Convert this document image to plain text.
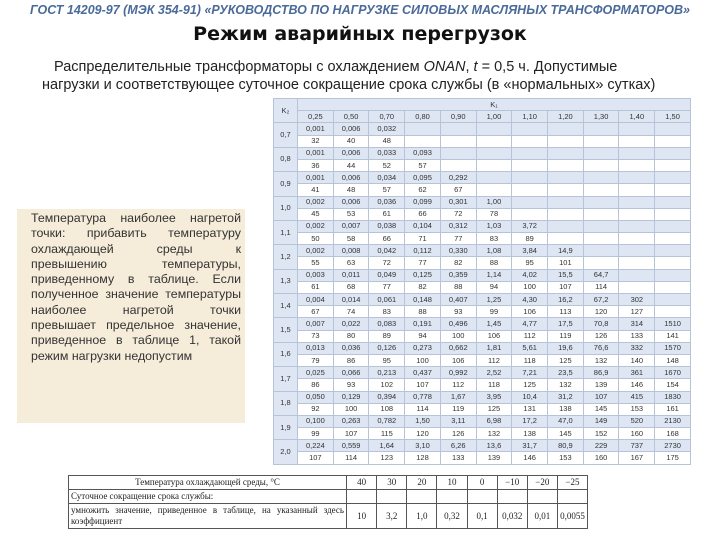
ГОСТ 14209-97 (МЭК 354-91) «РУКОВОДСТВО ПО НАГРУЗКЕ СИЛОВЫХ МАСЛЯНЫХ ТРАНСФОРМАТОРОВ»
Режим аварийных перегрузок
Распределительные трансформаторы с охлаждением ONAN, t = 0,5 ч. Допустимые
нагрузки и соответствующее суточное сокращение срока службы (в «нормальных» сутках)

Температура наиболее нагретой точки: прибавить температуру охлаждающей среды к превышению температуры, приведенному в таблице. Если полученное значение температуры наиболее нагретой точки превышает предельное значение, приведенное в таблице 1, такой режим нагрузки недопустим

K₂	K₁										
	0,25	0,50	0,70	0,80	0,90	1,00	1,10	1,20	1,30	1,40	1,50
0,7	0,001	0,006	0,032								
	32	40	48								
0,8	0,001	0,006	0,033	0,093							
	36	44	52	57							
0,9	0,001	0,006	0,034	0,095	0,292						
	41	48	57	62	67						
1,0	0,002	0,006	0,036	0,099	0,301	1,00					
	45	53	61	66	72	78					
1,1	0,002	0,007	0,038	0,104	0,312	1,03	3,72				
	50	58	66	71	77	83	89				
1,2	0,002	0,008	0,042	0,112	0,330	1,08	3,84	14,9			
	55	63	72	77	82	88	95	101			
1,3	0,003	0,011	0,049	0,125	0,359	1,14	4,02	15,5	64,7		
	61	68	77	82	88	94	100	107	114		
1,4	0,004	0,014	0,061	0,148	0,407	1,25	4,30	16,2	67,2	302	
	67	74	83	88	93	99	106	113	120	127	
1,5	0,007	0,022	0,083	0,191	0,496	1,45	4,77	17,5	70,8	314	1510
	73	80	89	94	100	106	112	119	126	133	141
1,6	0,013	0,036	0,126	0,273	0,662	1,81	5,61	19,6	76,6	332	1570
	79	86	95	100	106	112	118	125	132	140	148
1,7	0,025	0,066	0,213	0,437	0,992	2,52	7,21	23,5	86,9	361	1670
	86	93	102	107	112	118	125	132	139	146	154
1,8	0,050	0,129	0,394	0,778	1,67	3,95	10,4	31,2	107	415	1830
	92	100	108	114	119	125	131	138	145	153	161
1,9	0,100	0,263	0,782	1,50	3,11	6,98	17,2	47,0	149	520	2130
	99	107	115	120	126	132	138	145	152	160	168
2,0	0,224	0,559	1,64	3,10	6,26	13,6	31,7	80,9	229	737	2730
	107	114	123	128	133	139	146	153	160	167	175
Температура охлаждающей среды, °C	40	30	20	10	0	−10	−20	−25
Суточное сокращение срока службы:								
умножить значение, приведенное в таблице, на указанный здесь коэффициент	10	3,2	1,0	0,32	0,1	0,032	0,01	0,0055
